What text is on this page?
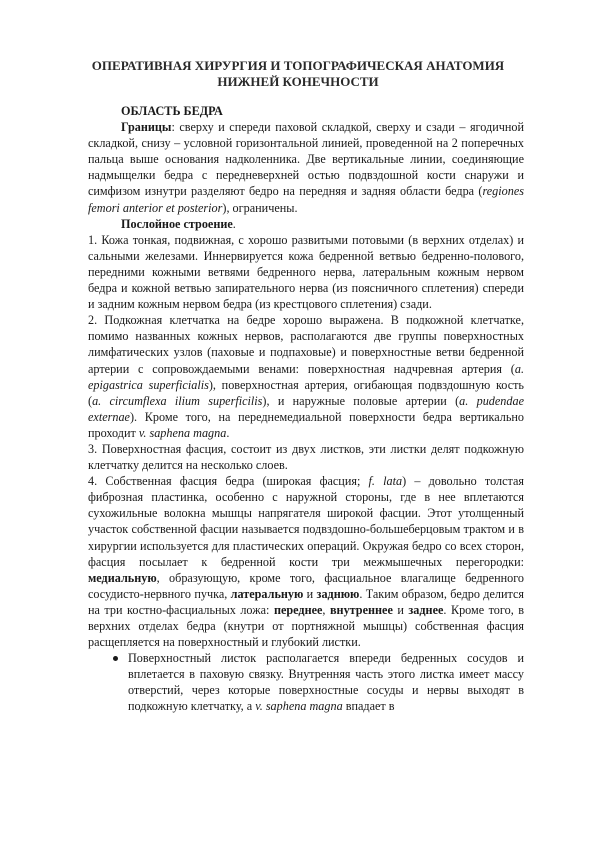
ОПЕРАТИВНАЯ ХИРУРГИЯ И ТОПОГРАФИЧЕСКАЯ АНАТОМИЯ
НИЖНЕЙ КОНЕЧНОСТИ

ОБЛАСТЬ БЕДРА

Границы: сверху и спереди паховой складкой, сверху и сзади – ягодичной складкой, снизу – условной горизонтальной линией, проведенной на 2 поперечных пальца выше основания надколенника. Две вертикальные линии, соединяющие надмыщелки бедра с передневерхней остью подвздошной кости снаружи и симфизом изнутри разделяют бедро на передняя и задняя области бедра (regiones femori anterior et posterior), ограничены.

Послойное строение.

1. Кожа тонкая, подвижная, с хорошо развитыми потовыми (в верхних отделах) и сальными железами. Иннервируется кожа бедренной ветвью бедренно-полового, передними кожными ветвями бедренного нерва, латеральным кожным нервом бедра и кожной ветвью запирательного нерва (из поясничного сплетения) спереди и задним кожным нервом бедра (из крестцового сплетения) сзади.

2. Подкожная клетчатка на бедре хорошо выражена. В подкожной клетчатке, помимо названных кожных нервов, располагаются две группы поверхностных лимфатических узлов (паховые и подпаховые) и поверхностные ветви бедренной артерии с сопровождаемыми венами: поверхностная надчревная артерия (a. epigastrica superficialis), поверхностная артерия, огибающая подвздошную кость (a. circumflexa ilium superficilis), и наружные половые артерии (a. pudendae externae). Кроме того, на переднемедиальной поверхности бедра вертикально проходит v. saphena magna.

3. Поверхностная фасция, состоит из двух листков, эти листки делят подкожную клетчатку делится на несколько слоев.

4. Собственная фасция бедра (широкая фасция; f. lata) – довольно толстая фиброзная пластинка, особенно с наружной стороны, где в нее вплетаются сухожильные волокна мышцы напрягателя широкой фасции. Этот утолщенный участок собственной фасции называется подвздошно-большеберцовым трактом и в хирургии используется для пластических операций. Окружая бедро со всех сторон, фасция посылает к бедренной кости три межмышечных перегородки: медиальную, образующую, кроме того, фасциальное влагалище бедренного сосудисто-нервного пучка, латеральную и заднюю. Таким образом, бедро делится на три костно-фасциальных ложа: переднее, внутреннее и заднее. Кроме того, в верхних отделах бедра (кнутри от портняжной мышцы) собственная фасция расщепляется на поверхностный и глубокий листки.

Поверхностный листок располагается впереди бедренных сосудов и вплетается в паховую связку. Внутренняя часть этого листка имеет массу отверстий, через которые поверхностные сосуды и нервы выходят в подкожную клетчатку, а v. saphena magna впадает в
